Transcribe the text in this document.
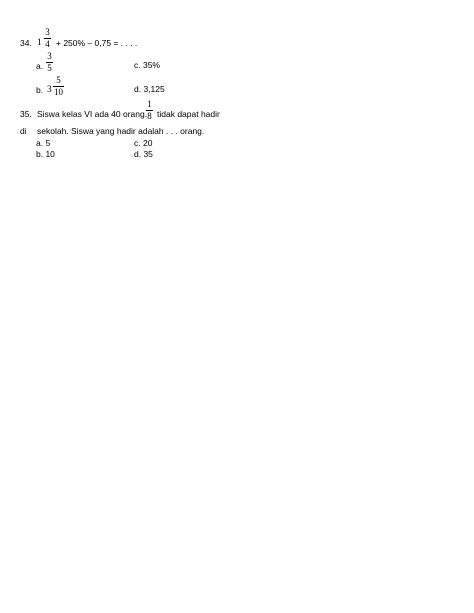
34. 1
3
4 + 250% – 0,75 = . . . .
a.
3
5	c. 35%
b. 3
5
10	d. 3,125
35. Siswa kelas VI ada 40 orang.
1
8 tidak dapat hadir
di sekolah. Siswa yang hadir adalah . . . orang.
a. 5	c. 20
b. 10	d. 35
